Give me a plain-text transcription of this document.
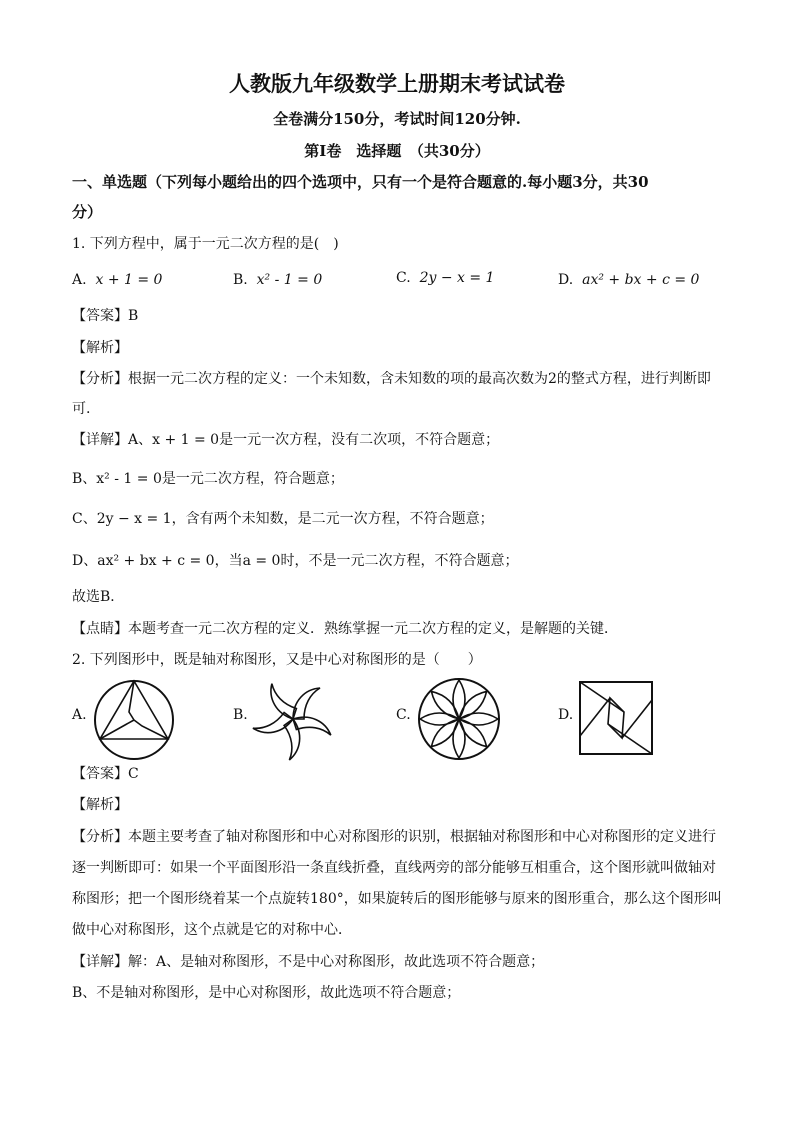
人教版九年级数学上册期末考试试卷
全卷满分150分，考试时间120分钟.
第Ⅰ卷　选择题　（共30分）
一、单选题（下列每小题给出的四个选项中，只有一个是符合题意的.每小题3分，共30
分）
1. 下列方程中，属于一元二次方程的是(　)
A. x + 1 = 0	B. x² - 1 = 0	C. 2y − x = 1	D. ax² + bx + c = 0
【答案】B
【解析】
【分析】根据一元二次方程的定义：一个未知数，含未知数的项的最高次数为2的整式方程，进行判断即
可.
【详解】A、x + 1 = 0是一元一次方程，没有二次项，不符合题意；
B、x² - 1 = 0是一元二次方程，符合题意；
C、2y − x = 1，含有两个未知数，是二元一次方程，不符合题意；
D、ax² + bx + c = 0，当a = 0时，不是一元二次方程，不符合题意；
故选B．
【点睛】本题考查一元二次方程的定义．熟练掌握一元二次方程的定义，是解题的关键．
2. 下列图形中，既是轴对称图形，又是中心对称图形的是（　　）
A.	B.	C.	D.
【答案】C
【解析】
【分析】本题主要考查了轴对称图形和中心对称图形的识别，根据轴对称图形和中心对称图形的定义进行
逐一判断即可：如果一个平面图形沿一条直线折叠，直线两旁的部分能够互相重合，这个图形就叫做轴对
称图形；把一个图形绕着某一个点旋转180°，如果旋转后的图形能够与原来的图形重合，那么这个图形叫
做中心对称图形，这个点就是它的对称中心．
【详解】解：A、是轴对称图形，不是中心对称图形，故此选项不符合题意；
B、不是轴对称图形，是中心对称图形，故此选项不符合题意；
